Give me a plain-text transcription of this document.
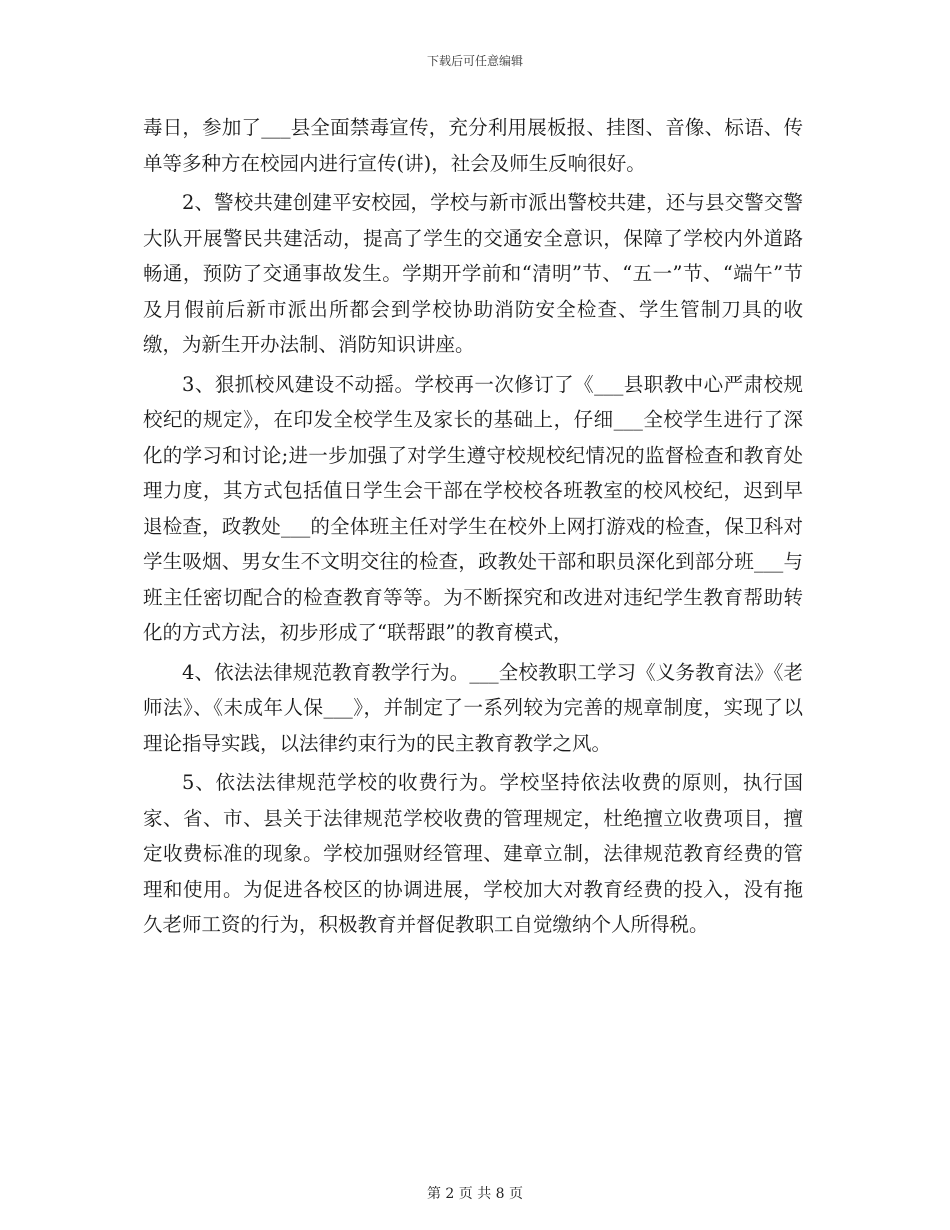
下载后可任意编辑

毒日，参加了___县全面禁毒宣传，充分利用展板报、挂图、音像、标语、传单等多种方在校园内进行宣传(讲)，社会及师生反响很好。

2、警校共建创建平安校园，学校与新市派出警校共建，还与县交警交警大队开展警民共建活动，提高了学生的交通安全意识，保障了学校内外道路畅通，预防了交通事故发生。学期开学前和“清明”节、“五一”节、“端午”节及月假前后新市派出所都会到学校协助消防安全检查、学生管制刀具的收缴，为新生开办法制、消防知识讲座。

3、狠抓校风建设不动摇。学校再一次修订了《___县职教中心严肃校规校纪的规定》，在印发全校学生及家长的基础上，仔细___全校学生进行了深化的学习和讨论;进一步加强了对学生遵守校规校纪情况的监督检查和教育处理力度，其方式包括值日学生会干部在学校校各班教室的校风校纪，迟到早退检查，政教处___的全体班主任对学生在校外上网打游戏的检查，保卫科对学生吸烟、男女生不文明交往的检查，政教处干部和职员深化到部分班___与班主任密切配合的检查教育等等。为不断探究和改进对违纪学生教育帮助转化的方式方法，初步形成了“联帮跟”的教育模式，

4、依法法律规范教育教学行为。___全校教职工学习《义务教育法》《老师法》、《未成年人保___》，并制定了一系列较为完善的规章制度，实现了以理论指导实践，以法律约束行为的民主教育教学之风。

5、依法法律规范学校的收费行为。学校坚持依法收费的原则，执行国家、省、市、县关于法律规范学校收费的管理规定，杜绝擅立收费项目，擅定收费标准的现象。学校加强财经管理、建章立制，法律规范教育经费的管理和使用。为促进各校区的协调进展，学校加大对教育经费的投入，没有拖久老师工资的行为，积极教育并督促教职工自觉缴纳个人所得税。

第 2 页 共 8 页
